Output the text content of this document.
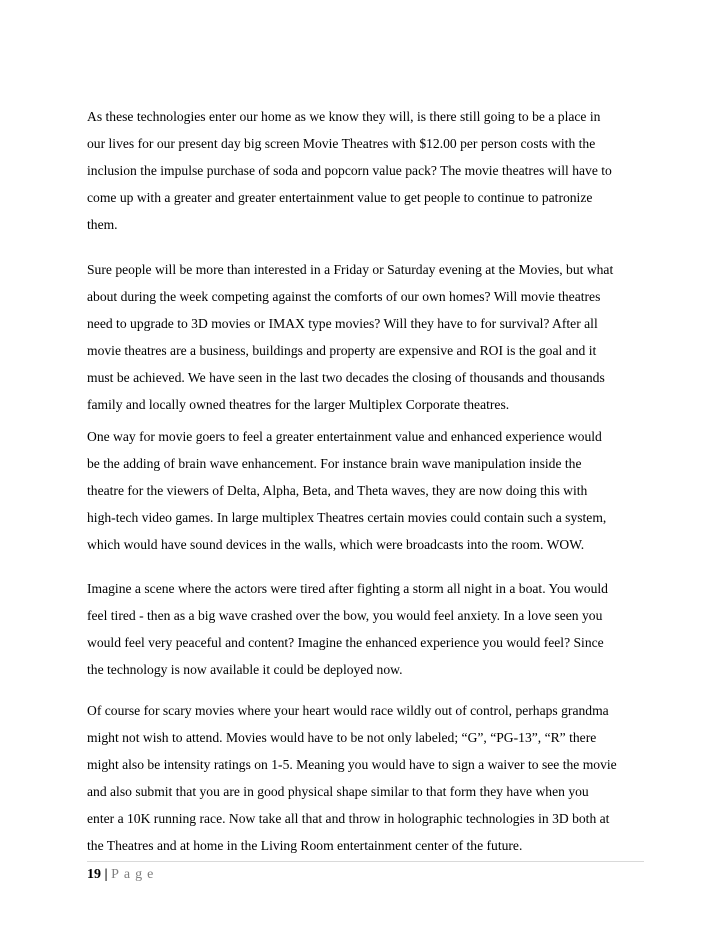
As these technologies enter our home as we know they will, is there still going to be a place in
our lives for our present day big screen Movie Theatres with $12.00 per person costs with the
inclusion the impulse purchase of soda and popcorn value pack? The movie theatres will have to
come up with a greater and greater entertainment value to get people to continue to patronize
them.

Sure people will be more than interested in a Friday or Saturday evening at the Movies, but what
about during the week competing against the comforts of our own homes? Will movie theatres
need to upgrade to 3D movies or IMAX type movies? Will they have to for survival? After all
movie theatres are a business, buildings and property are expensive and ROI is the goal and it
must be achieved. We have seen in the last two decades the closing of thousands and thousands
family and locally owned theatres for the larger Multiplex Corporate theatres.

One way for movie goers to feel a greater entertainment value and enhanced experience would
be the adding of brain wave enhancement. For instance brain wave manipulation inside the
theatre for the viewers of Delta, Alpha, Beta, and Theta waves, they are now doing this with
high-tech video games. In large multiplex Theatres certain movies could contain such a system,
which would have sound devices in the walls, which were broadcasts into the room. WOW.

Imagine a scene where the actors were tired after fighting a storm all night in a boat. You would
feel tired - then as a big wave crashed over the bow, you would feel anxiety. In a love seen you
would feel very peaceful and content? Imagine the enhanced experience you would feel? Since
the technology is now available it could be deployed now.

Of course for scary movies where your heart would race wildly out of control, perhaps grandma
might not wish to attend. Movies would have to be not only labeled; “G”, “PG-13”, “R” there
might also be intensity ratings on 1-5. Meaning you would have to sign a waiver to see the movie
and also submit that you are in good physical shape similar to that form they have when you
enter a 10K running race. Now take all that and throw in holographic technologies in 3D both at
the Theatres and at home in the Living Room entertainment center of the future.

19 | Page
